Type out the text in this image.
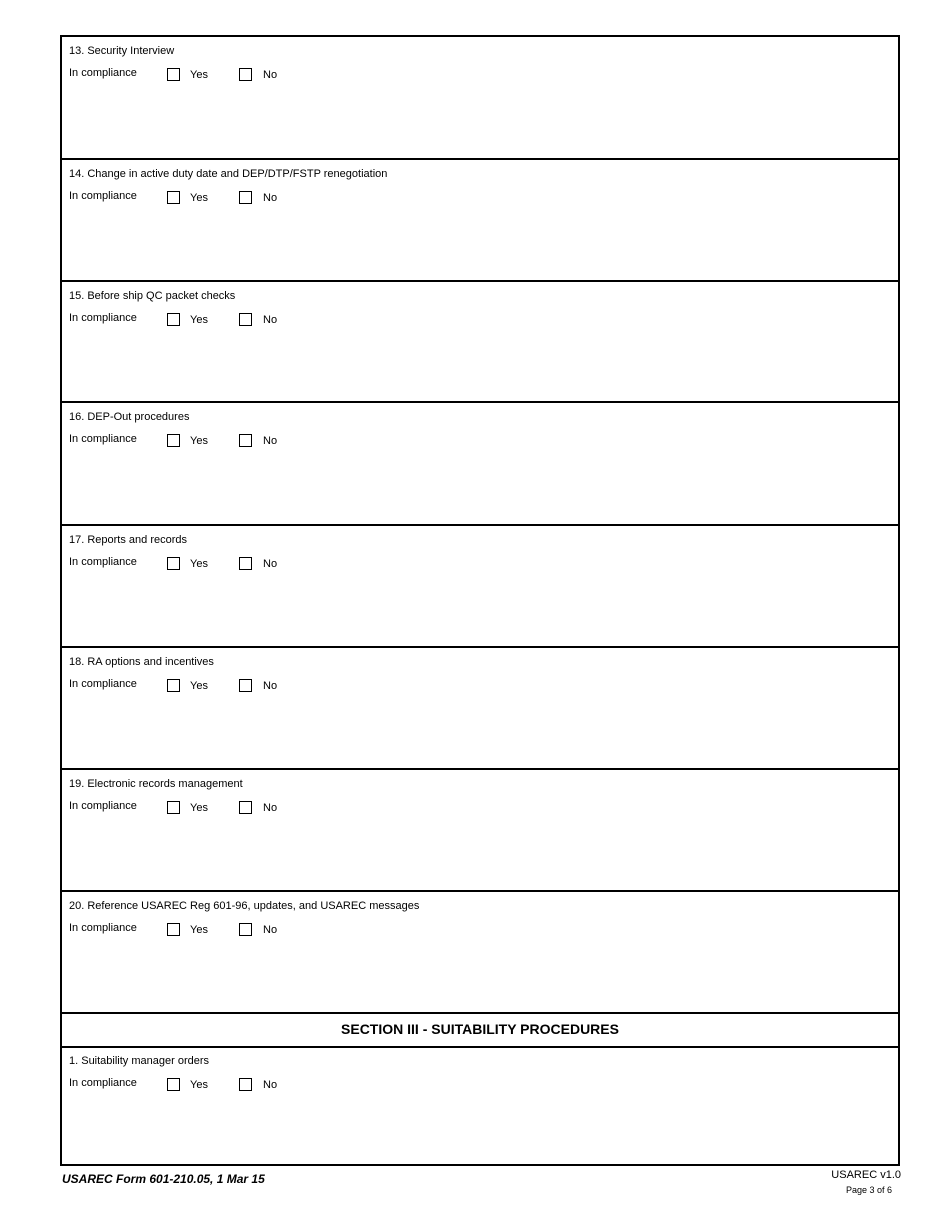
13. Security Interview
In compliance	Yes	No
14. Change in active duty date and DEP/DTP/FSTP renegotiation
In compliance	Yes	No
15. Before ship QC packet checks
In compliance	Yes	No
16. DEP-Out procedures
In compliance	Yes	No
17. Reports and records
In compliance	Yes	No
18. RA options and incentives
In compliance	Yes	No
19. Electronic records management
In compliance	Yes	No
20. Reference USAREC Reg 601-96, updates, and USAREC messages
In compliance	Yes	No
SECTION III - SUITABILITY PROCEDURES
1. Suitability manager orders
In compliance	Yes	No
USAREC Form 601-210.05, 1 Mar 15	USAREC v1.0
Page 3 of 6
